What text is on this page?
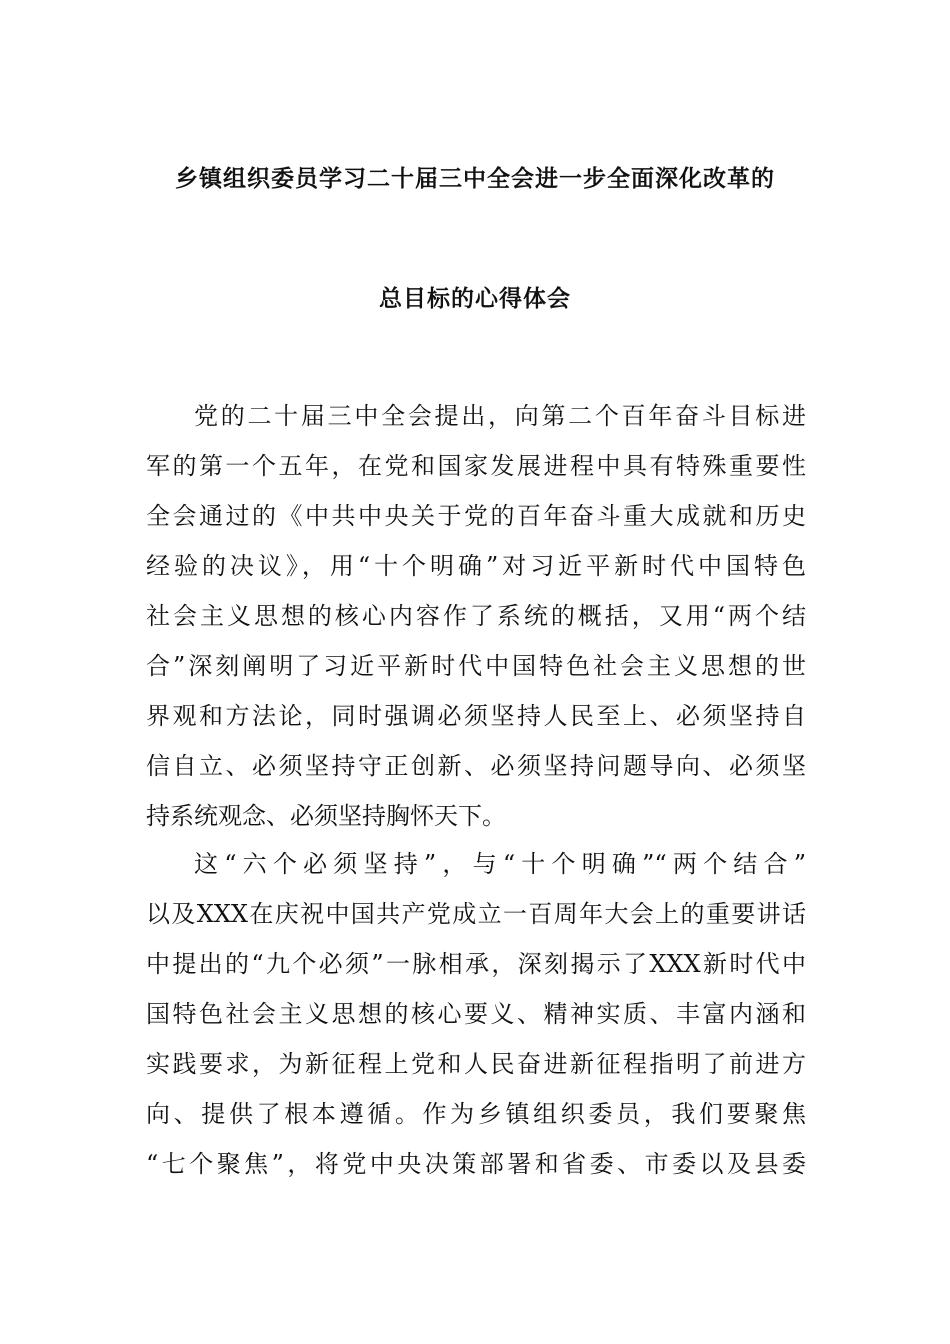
乡镇组织委员学习二十届三中全会进一步全面深化改革的
总目标的心得体会

党的二十届三中全会提出，向第二个百年奋斗目标进

军的第一个五年，在党和国家发展进程中具有特殊重要性

全会通过的《中共中央关于党的百年奋斗重大成就和历史

经验的决议》，用“十个明确”对习近平新时代中国特色

社会主义思想的核心内容作了系统的概括，又用“两个结

合”深刻阐明了习近平新时代中国特色社会主义思想的世

界观和方法论，同时强调必须坚持人民至上、必须坚持自

信自立、必须坚持守正创新、必须坚持问题导向、必须坚

持系统观念、必须坚持胸怀天下。

这“六个必须坚持”，与“十个明确”“两个结合”

以及XXX在庆祝中国共产党成立一百周年大会上的重要讲话

中提出的“九个必须”一脉相承，深刻揭示了XXX新时代中

国特色社会主义思想的核心要义、精神实质、丰富内涵和

实践要求，为新征程上党和人民奋进新征程指明了前进方

向、提供了根本遵循。作为乡镇组织委员，我们要聚焦

“七个聚焦”，将党中央决策部署和省委、市委以及县委
